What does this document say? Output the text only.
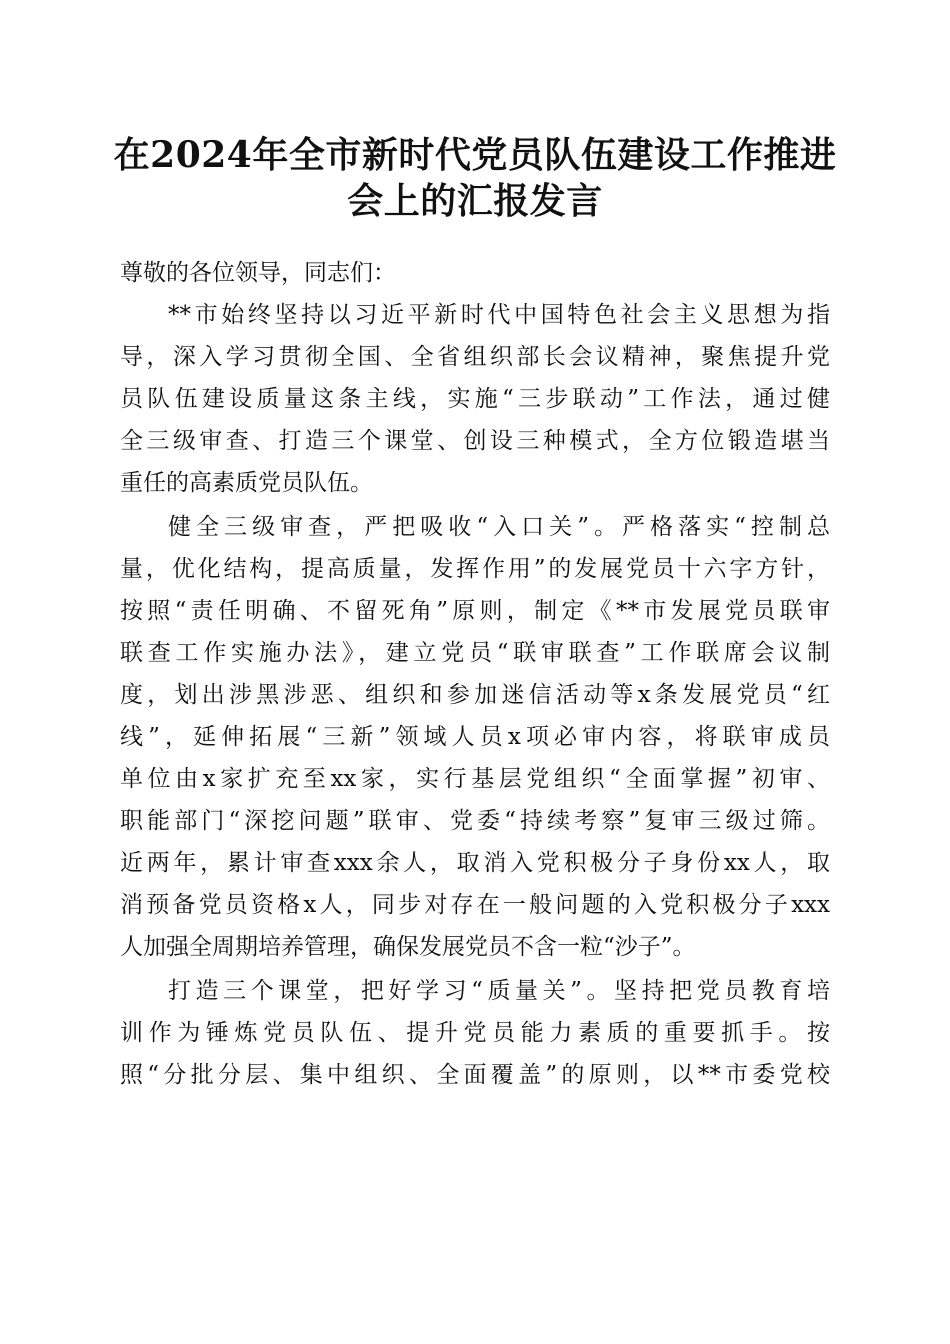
在2024年全市新时代党员队伍建设工作推进
会上的汇报发言
尊敬的各位领导，同志们：
**市始终坚持以习近平新时代中国特色社会主义思想为指
导，深入学习贯彻全国、全省组织部长会议精神，聚焦提升党
员队伍建设质量这条主线，实施“三步联动”工作法，通过健
全三级审查、打造三个课堂、创设三种模式，全方位锻造堪当
重任的高素质党员队伍。
健全三级审查，严把吸收“入口关”。严格落实“控制总
量，优化结构，提高质量，发挥作用”的发展党员十六字方针，
按照“责任明确、不留死角”原则，制定《**市发展党员联审
联查工作实施办法》，建立党员“联审联查”工作联席会议制
度，划出涉黑涉恶、组织和参加迷信活动等x条发展党员“红
线”，延伸拓展“三新”领域人员x项必审内容，将联审成员
单位由x家扩充至xx家，实行基层党组织“全面掌握”初审、
职能部门“深挖问题”联审、党委“持续考察”复审三级过筛。
近两年，累计审查xxx余人，取消入党积极分子身份xx人，取
消预备党员资格x人，同步对存在一般问题的入党积极分子xxx
人加强全周期培养管理，确保发展党员不含一粒“沙子”。
打造三个课堂，把好学习“质量关”。坚持把党员教育培
训作为锤炼党员队伍、提升党员能力素质的重要抓手。按
照“分批分层、集中组织、全面覆盖”的原则，以**市委党校
